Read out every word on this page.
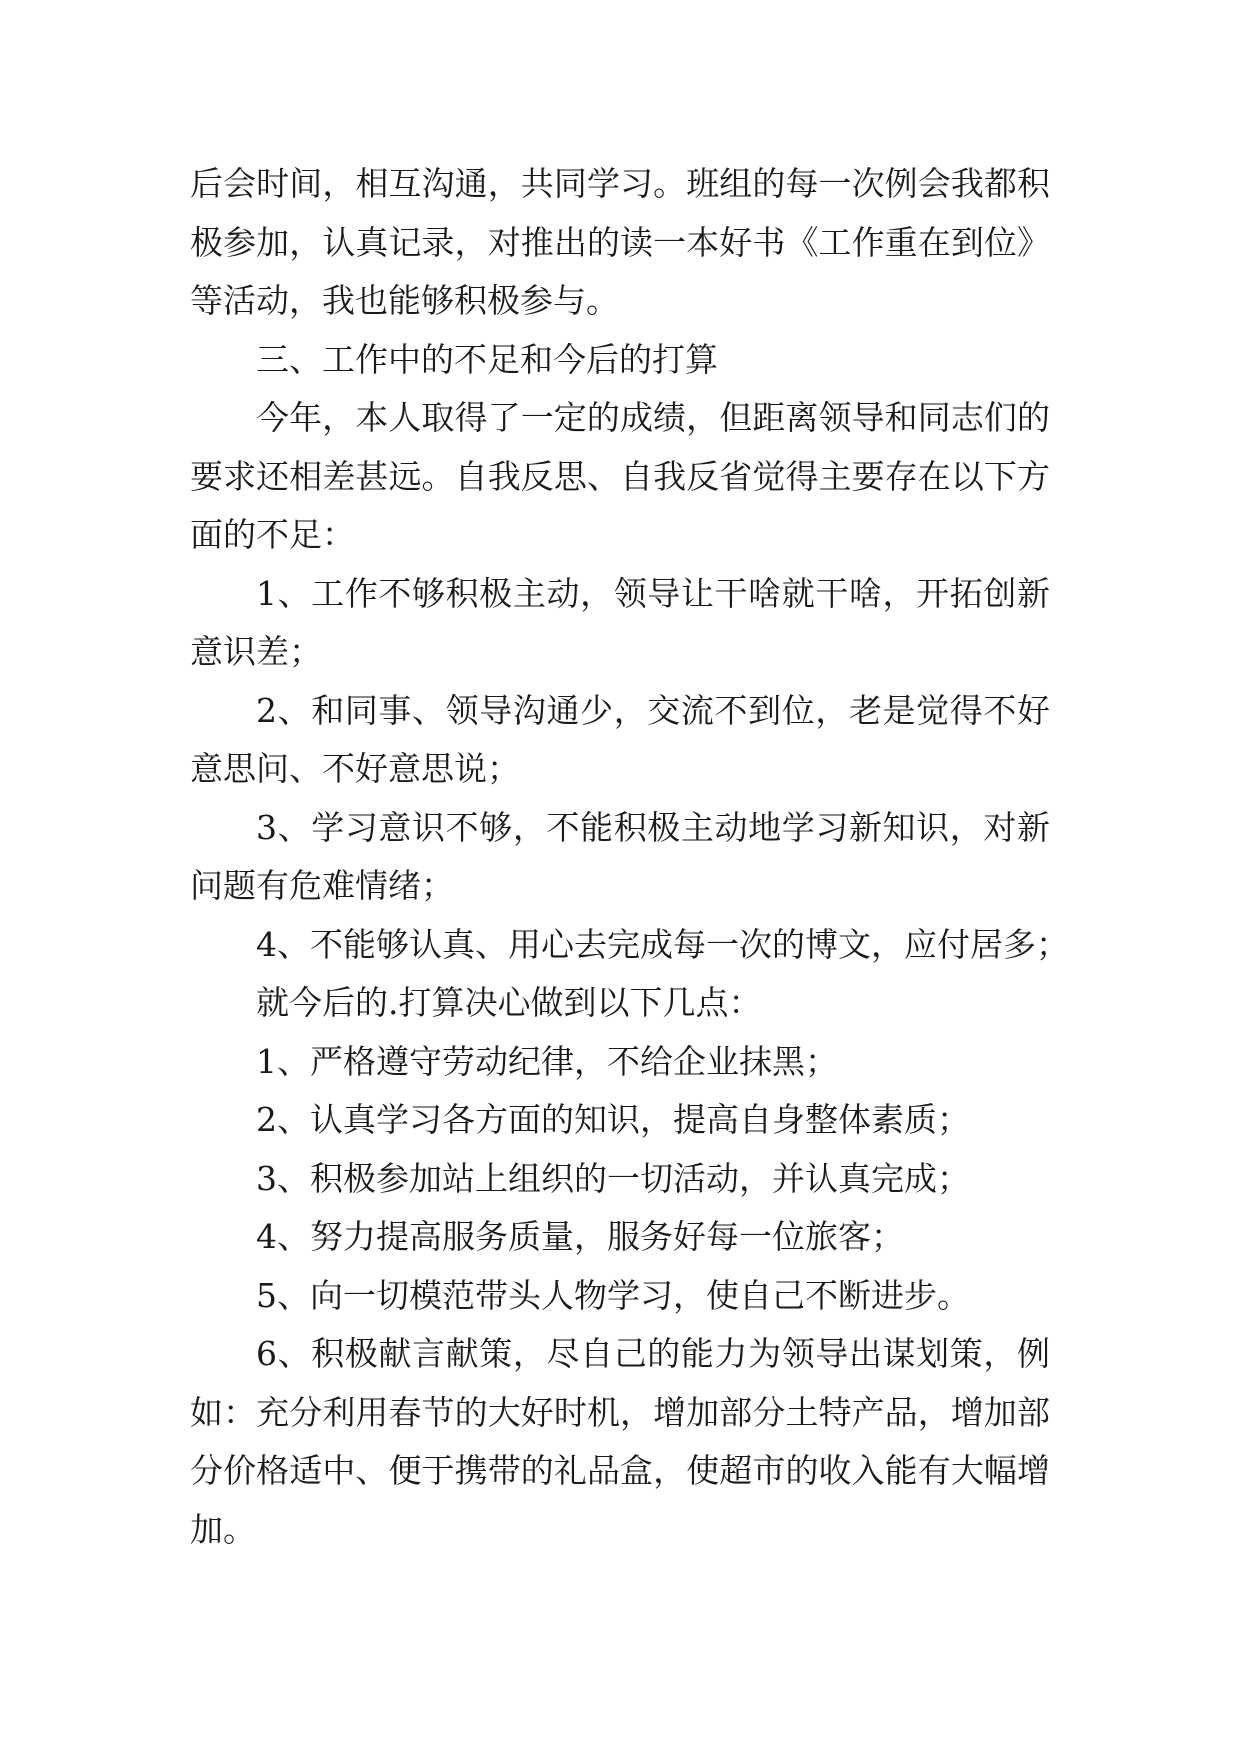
后会时间，相互沟通，共同学习。班组的每一次例会我都积
极参加，认真记录，对推出的读一本好书《工作重在到位》
等活动，我也能够积极参与。
三、工作中的不足和今后的打算
今年，本人取得了一定的成绩，但距离领导和同志们的
要求还相差甚远。自我反思、自我反省觉得主要存在以下方
面的不足：
1、工作不够积极主动，领导让干啥就干啥，开拓创新
意识差；
2、和同事、领导沟通少，交流不到位，老是觉得不好
意思问、不好意思说；
3、学习意识不够，不能积极主动地学习新知识，对新
问题有危难情绪；
4、不能够认真、用心去完成每一次的博文，应付居多；
就今后的.打算决心做到以下几点：
1、严格遵守劳动纪律，不给企业抹黑；
2、认真学习各方面的知识，提高自身整体素质；
3、积极参加站上组织的一切活动，并认真完成；
4、努力提高服务质量，服务好每一位旅客；
5、向一切模范带头人物学习，使自己不断进步。
6、积极献言献策，尽自己的能力为领导出谋划策，例
如：充分利用春节的大好时机，增加部分土特产品，增加部
分价格适中、便于携带的礼品盒，使超市的收入能有大幅增
加。
